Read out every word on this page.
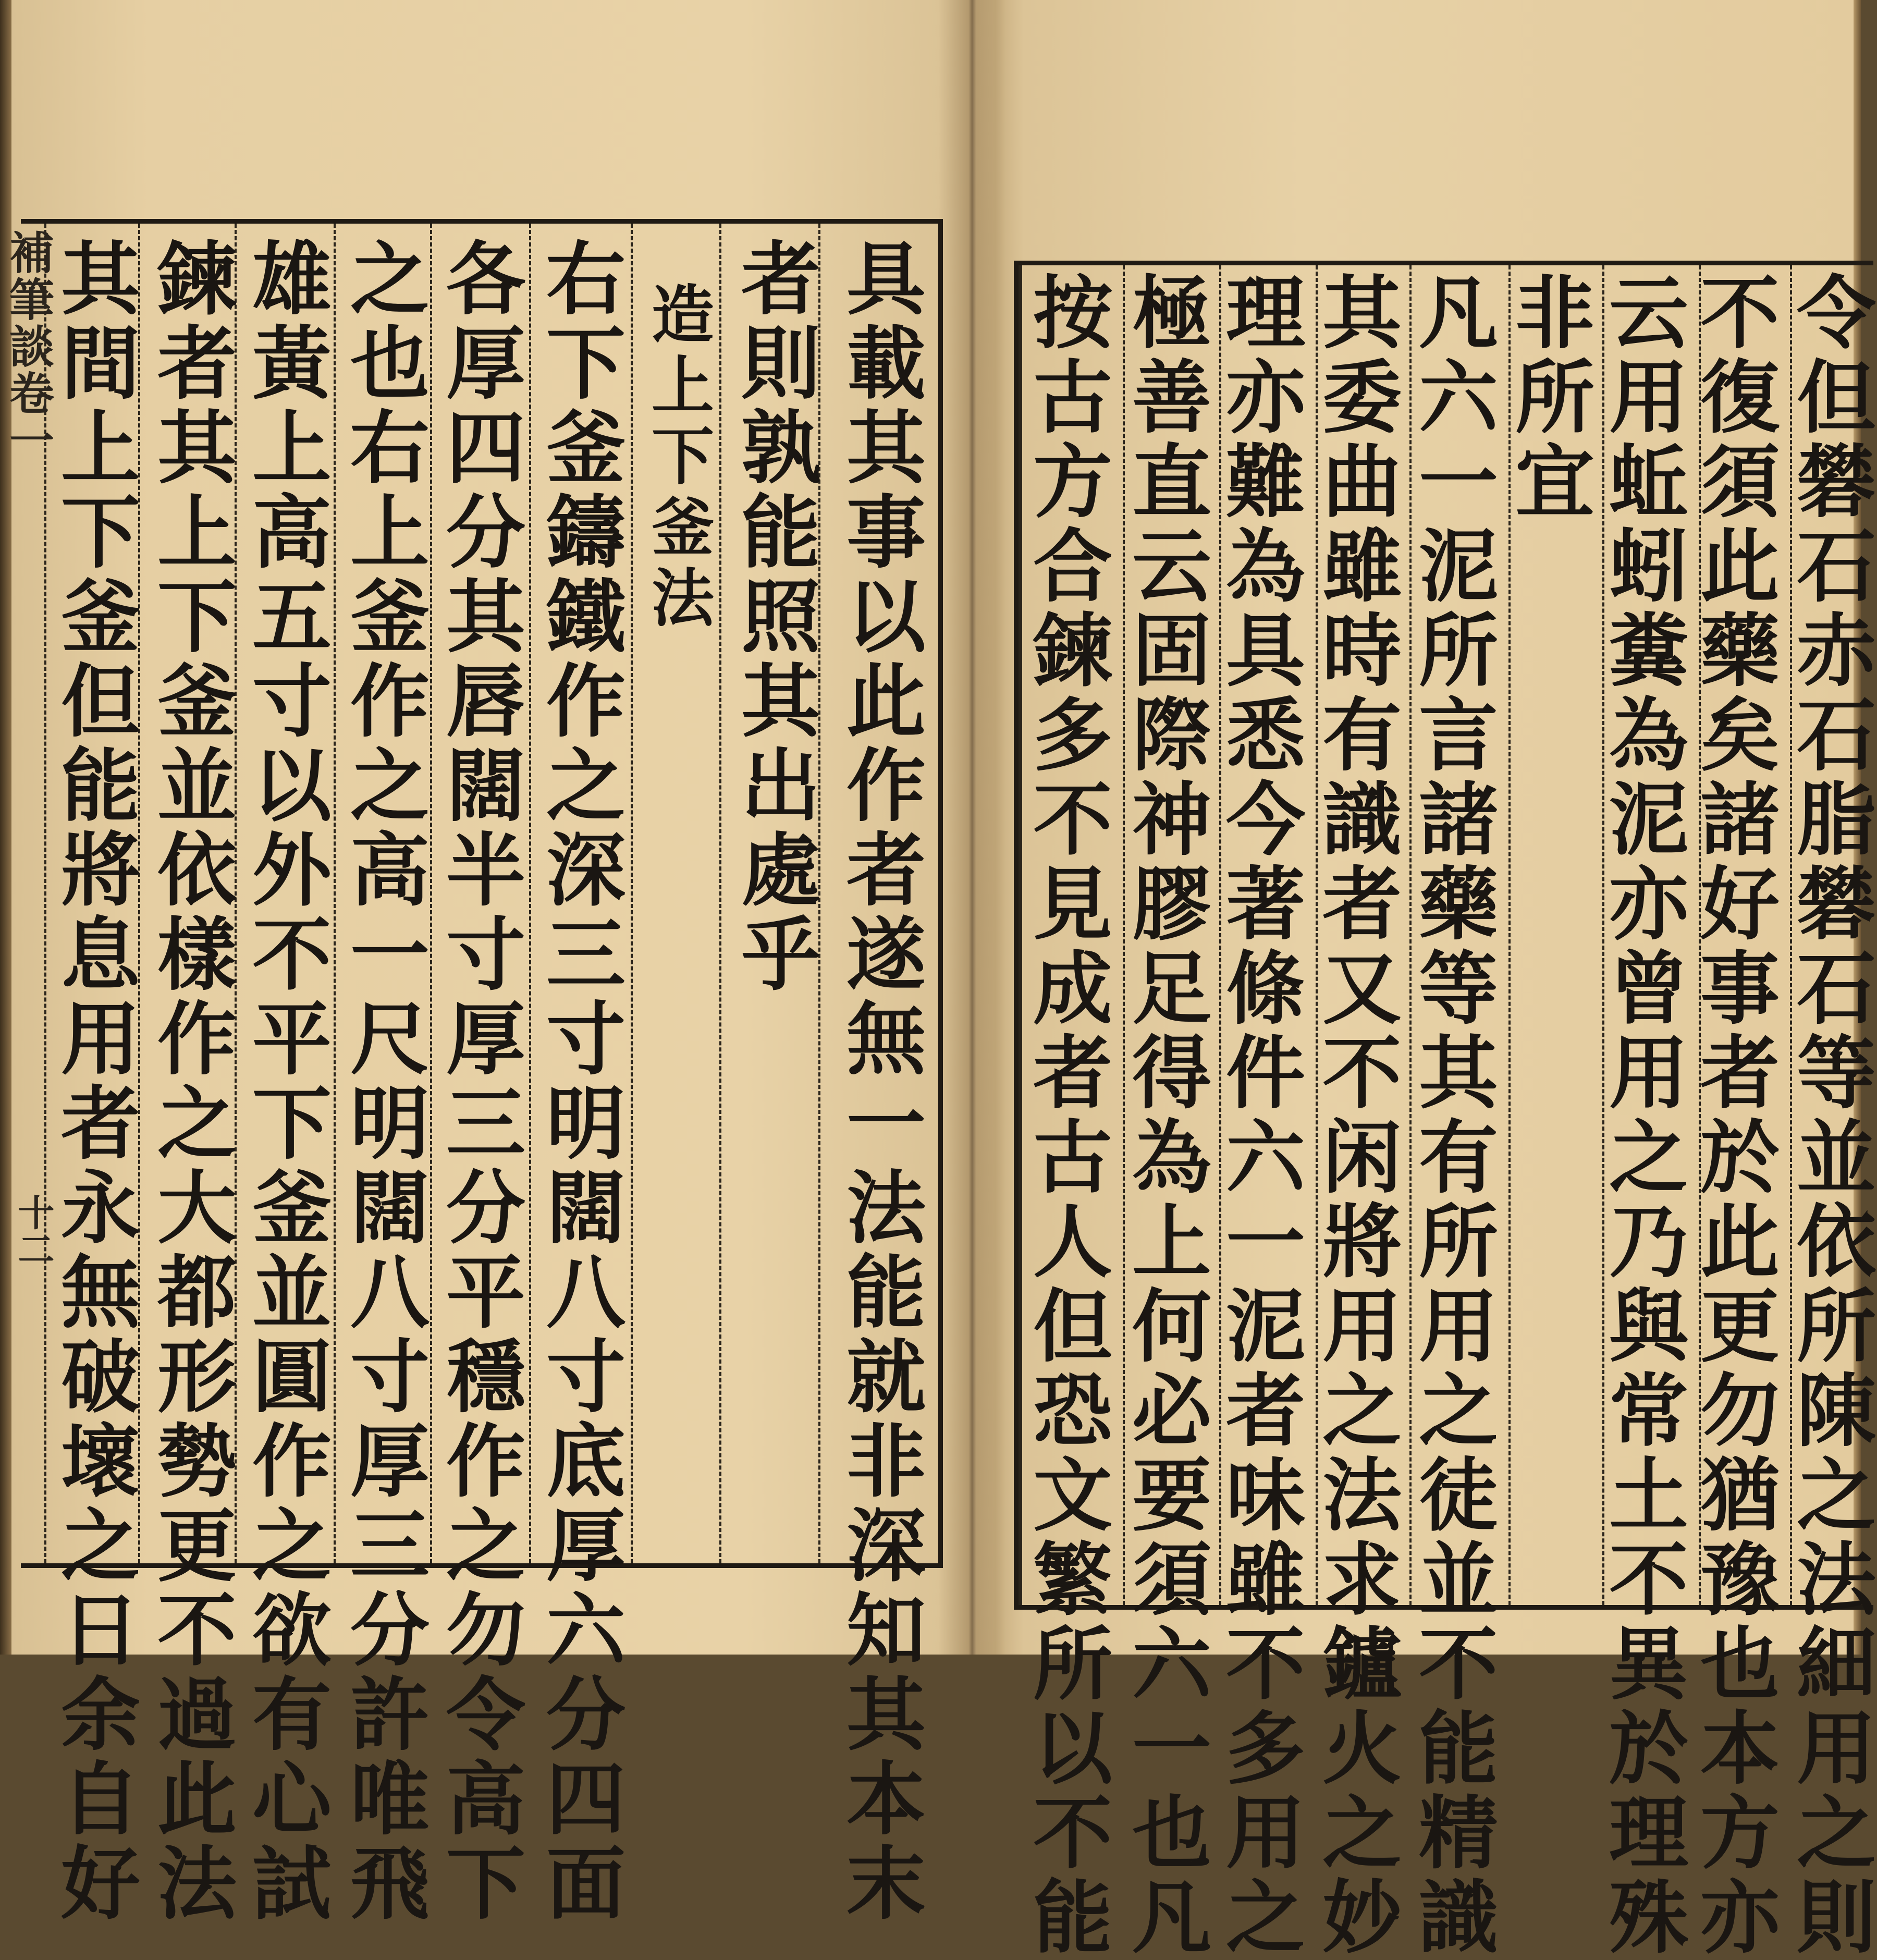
具載其事以此作者遂無一法能就非深知其本末
者則孰能照其出處乎
造上下釜法
右下釜鑄鐵作之深三寸明闊八寸底厚六分四面
各厚四分其唇闊半寸厚三分平穩作之勿令高下
之也右上釜作之高一尺明闊八寸厚三分許唯飛
雄黃上高五寸以外不平下釜並圓作之欲有心試
鍊者其上下釜並依樣作之大都形勢更不過此法
其間上下釜但能將息用者永無破壞之日余自好
補筆談卷一
十二	令但礬石赤石脂礬石等並依所陳之法細用之則
不復須此藥矣諸好事者於此更勿猶豫也本方亦
云用蚯蚓糞為泥亦曾用之乃與常土不異於理殊
非所宜
凡六一泥所言諸藥等其有所用之徒並不能精識
其委曲雖時有識者又不闲將用之法求鑪火之妙
理亦難為具悉今著條件六一泥者味雖不多用之
極善直云固際神膠足得為上何必要須六一也凡
按古方合鍊多不見成者古人但恐文繁所以不能
